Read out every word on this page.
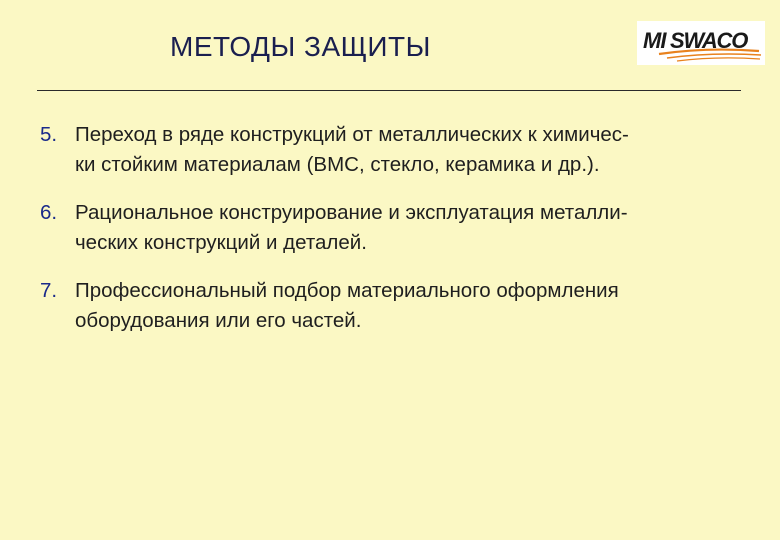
МЕТОДЫ ЗАЩИТЫ	MI SWACO
5. Переход в ряде конструкций от металлических к химичес-
ки стойким материалам (ВМС, стекло, керамика и др.).
6. Рациональное конструирование и эксплуатация металли-
ческих конструкций и деталей.
7. Профессиональный подбор материального оформления
оборудования или его частей.
